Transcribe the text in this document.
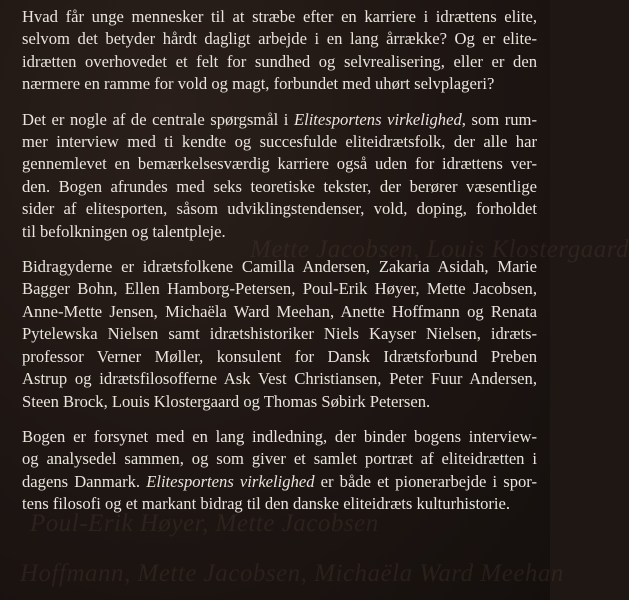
Mette Jacobsen, Louis Klostergaard
Poul-Erik Høyer, Mette Jacobsen
Hoffmann, Mette Jacobsen, Michaëla Ward Meehan

Hvad får unge mennesker til at stræbe efter en karriere i idrættens elite,
selvom det betyder hårdt dagligt arbejde i en lang årrække? Og er elite-
idrætten overhovedet et felt for sundhed og selvrealisering, eller er den
nærmere en ramme for vold og magt, forbundet med uhørt selvplageri?

Det er nogle af de centrale spørgsmål i Elitesportens virkelighed, som rum-
mer interview med ti kendte og succesfulde eliteidrætsfolk, der alle har
gennemlevet en bemærkelsesværdig karriere også uden for idrættens ver-
den. Bogen afrundes med seks teoretiske tekster, der berører væsentlige
sider af elitesporten, såsom udviklingstendenser, vold, doping, forholdet
til befolkningen og talentpleje.

Bidragyderne er idrætsfolkene Camilla Andersen, Zakaria Asidah, Marie
Bagger Bohn, Ellen Hamborg-Petersen, Poul-Erik Høyer, Mette Jacobsen,
Anne-Mette Jensen, Michaëla Ward Meehan, Anette Hoffmann og Renata
Pytelewska Nielsen samt idrætshistoriker Niels Kayser Nielsen, idræts-
professor Verner Møller, konsulent for Dansk Idrætsforbund Preben
Astrup og idrætsfilosofferne Ask Vest Christiansen, Peter Fuur Andersen,
Steen Brock, Louis Klostergaard og Thomas Søbirk Petersen.

Bogen er forsynet med en lang indledning, der binder bogens interview-
og analysedel sammen, og som giver et samlet portræt af eliteidrætten i
dagens Danmark. Elitesportens virkelighed er både et pionerarbejde i spor-
tens filosofi og et markant bidrag til den danske eliteidræts kulturhistorie.
